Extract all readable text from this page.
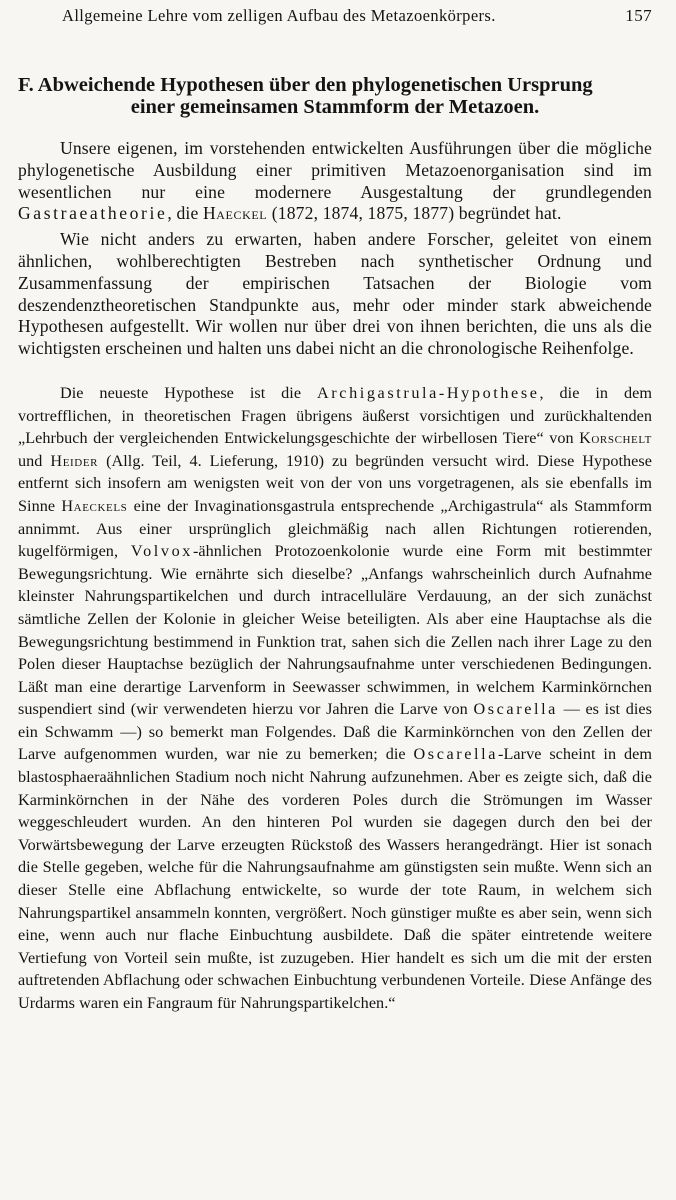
Allgemeine Lehre vom zelligen Aufbau des Metazoenkörpers.	157
F. Abweichende Hypothesen über den phylogenetischen Ursprung
einer gemeinsamen Stammform der Metazoen.

Unsere eigenen, im vorstehenden entwickelten Ausführungen über die mögliche phylogenetische Ausbildung einer primitiven Metazoenorganisation sind im wesentlichen nur eine modernere Ausgestaltung der grundlegenden Gastraeatheorie, die Haeckel (1872, 1874, 1875, 1877) begründet hat.

Wie nicht anders zu erwarten, haben andere Forscher, geleitet von einem ähnlichen, wohlberechtigten Bestreben nach synthetischer Ordnung und Zusammenfassung der empirischen Tatsachen der Biologie vom deszendenztheoretischen Standpunkte aus, mehr oder minder stark abweichende Hypothesen aufgestellt. Wir wollen nur über drei von ihnen berichten, die uns als die wichtigsten erscheinen und halten uns dabei nicht an die chronologische Reihenfolge.

Die neueste Hypothese ist die Archigastrula-Hypothese, die in dem vortrefflichen, in theoretischen Fragen übrigens äußerst vorsichtigen und zurückhaltenden „Lehrbuch der vergleichenden Entwickelungsgeschichte der wirbellosen Tiere“ von Korschelt und Heider (Allg. Teil, 4. Lieferung, 1910) zu begründen versucht wird. Diese Hypothese entfernt sich insofern am wenigsten weit von der von uns vorgetragenen, als sie ebenfalls im Sinne Haeckels eine der Invaginationsgastrula entsprechende „Archigastrula“ als Stammform annimmt. Aus einer ursprünglich gleichmäßig nach allen Richtungen rotierenden, kugelförmigen, Volvox-ähnlichen Protozoenkolonie wurde eine Form mit bestimmter Bewegungsrichtung. Wie ernährte sich dieselbe? „Anfangs wahrscheinlich durch Aufnahme kleinster Nahrungspartikelchen und durch intracelluläre Verdauung, an der sich zunächst sämtliche Zellen der Kolonie in gleicher Weise beteiligten. Als aber eine Hauptachse als die Bewegungsrichtung bestimmend in Funktion trat, sahen sich die Zellen nach ihrer Lage zu den Polen dieser Hauptachse bezüglich der Nahrungsaufnahme unter verschiedenen Bedingungen. Läßt man eine derartige Larvenform in Seewasser schwimmen, in welchem Karminkörnchen suspendiert sind (wir verwendeten hierzu vor Jahren die Larve von Oscarella — es ist dies ein Schwamm —) so bemerkt man Folgendes. Daß die Karminkörnchen von den Zellen der Larve aufgenommen wurden, war nie zu bemerken; die Oscarella-Larve scheint in dem blastosphaeraähnlichen Stadium noch nicht Nahrung aufzunehmen. Aber es zeigte sich, daß die Karminkörnchen in der Nähe des vorderen Poles durch die Strömungen im Wasser weggeschleudert wurden. An den hinteren Pol wurden sie dagegen durch den bei der Vorwärtsbewegung der Larve erzeugten Rückstoß des Wassers herangedrängt. Hier ist sonach die Stelle gegeben, welche für die Nahrungsaufnahme am günstigsten sein mußte. Wenn sich an dieser Stelle eine Abflachung entwickelte, so wurde der tote Raum, in welchem sich Nahrungspartikel ansammeln konnten, vergrößert. Noch günstiger mußte es aber sein, wenn sich eine, wenn auch nur flache Einbuchtung ausbildete. Daß die später eintretende weitere Vertiefung von Vorteil sein mußte, ist zuzugeben. Hier handelt es sich um die mit der ersten auftretenden Abflachung oder schwachen Einbuchtung verbundenen Vorteile. Diese Anfänge des Urdarms waren ein Fangraum für Nahrungspartikelchen.“
